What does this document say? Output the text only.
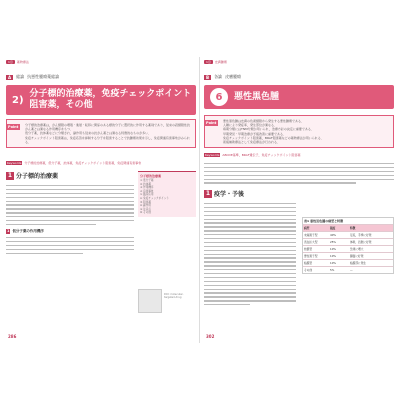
1章	薬物療法
A	総論 抗悪性腫瘍薬総論
2)
分子標的治療薬，免疫チェックポイント阻害薬，その他
Point	分子標的治療薬は，がん細胞の増殖・進展・転移に関係のある標的分子に選択的に作用する薬剤であり，従来の殺細胞性抗がん薬とは異なる作用機序をもつ．
低分子薬，抗体薬などに分類され，副作用も従来の抗がん薬とは異なる特徴的なものが多い．
免疫チェックポイント阻害薬は，免疫応答を抑制する分子を阻害することで抗腫瘍効果を示し，免疫関連有害事象がみられる．
Keywords	分子標的治療薬，低分子薬，抗体薬，免疫チェックポイント阻害薬，免疫関連有害事象
1 分子標的治療薬
1 低分子薬の作用機序
分子標的治療薬
① 低分子薬
② 抗体薬
③ 作用機序
④ 有害事象
⑤ 臨床応用
⑥ 免疫チェックポイント
⑦ 阻害薬
⑧ 副作用
⑨ 注意点
⑩ その他
DOI: molecular-targeted-drug
286
1章	皮膚腫瘍
B	各論 皮膚腫瘍
6	悪性黒色腫
Point	悪性黒色腫は皮膚の色素細胞から発生する悪性腫瘍である．
人種により発症率，発生部位が異なる．
病期分類にはTNM分類が用いられ，治療方針の決定に重要である．
早期発見・早期治療が予後改善に重要である．
免疫チェックポイント阻害薬，BRAF阻害薬などの薬物療法が用いられる．
術後補助療法として免疫療法が行われる．
Keywords	ABCDE基準，BRAF遺伝子，免疫チェックポイント阻害薬
1 疫学・予後
表1 悪性黒色腫の病型と特徴
病型	頻度	特徴
末端黒子型	40%	足底，手掌に好発
表在拡大型	25%	体幹，四肢に好発
結節型	10%	急速に増大
悪性黒子型	10%	顔面に好発
粘膜型	10%	粘膜部に発生
その他	5%	—
302
